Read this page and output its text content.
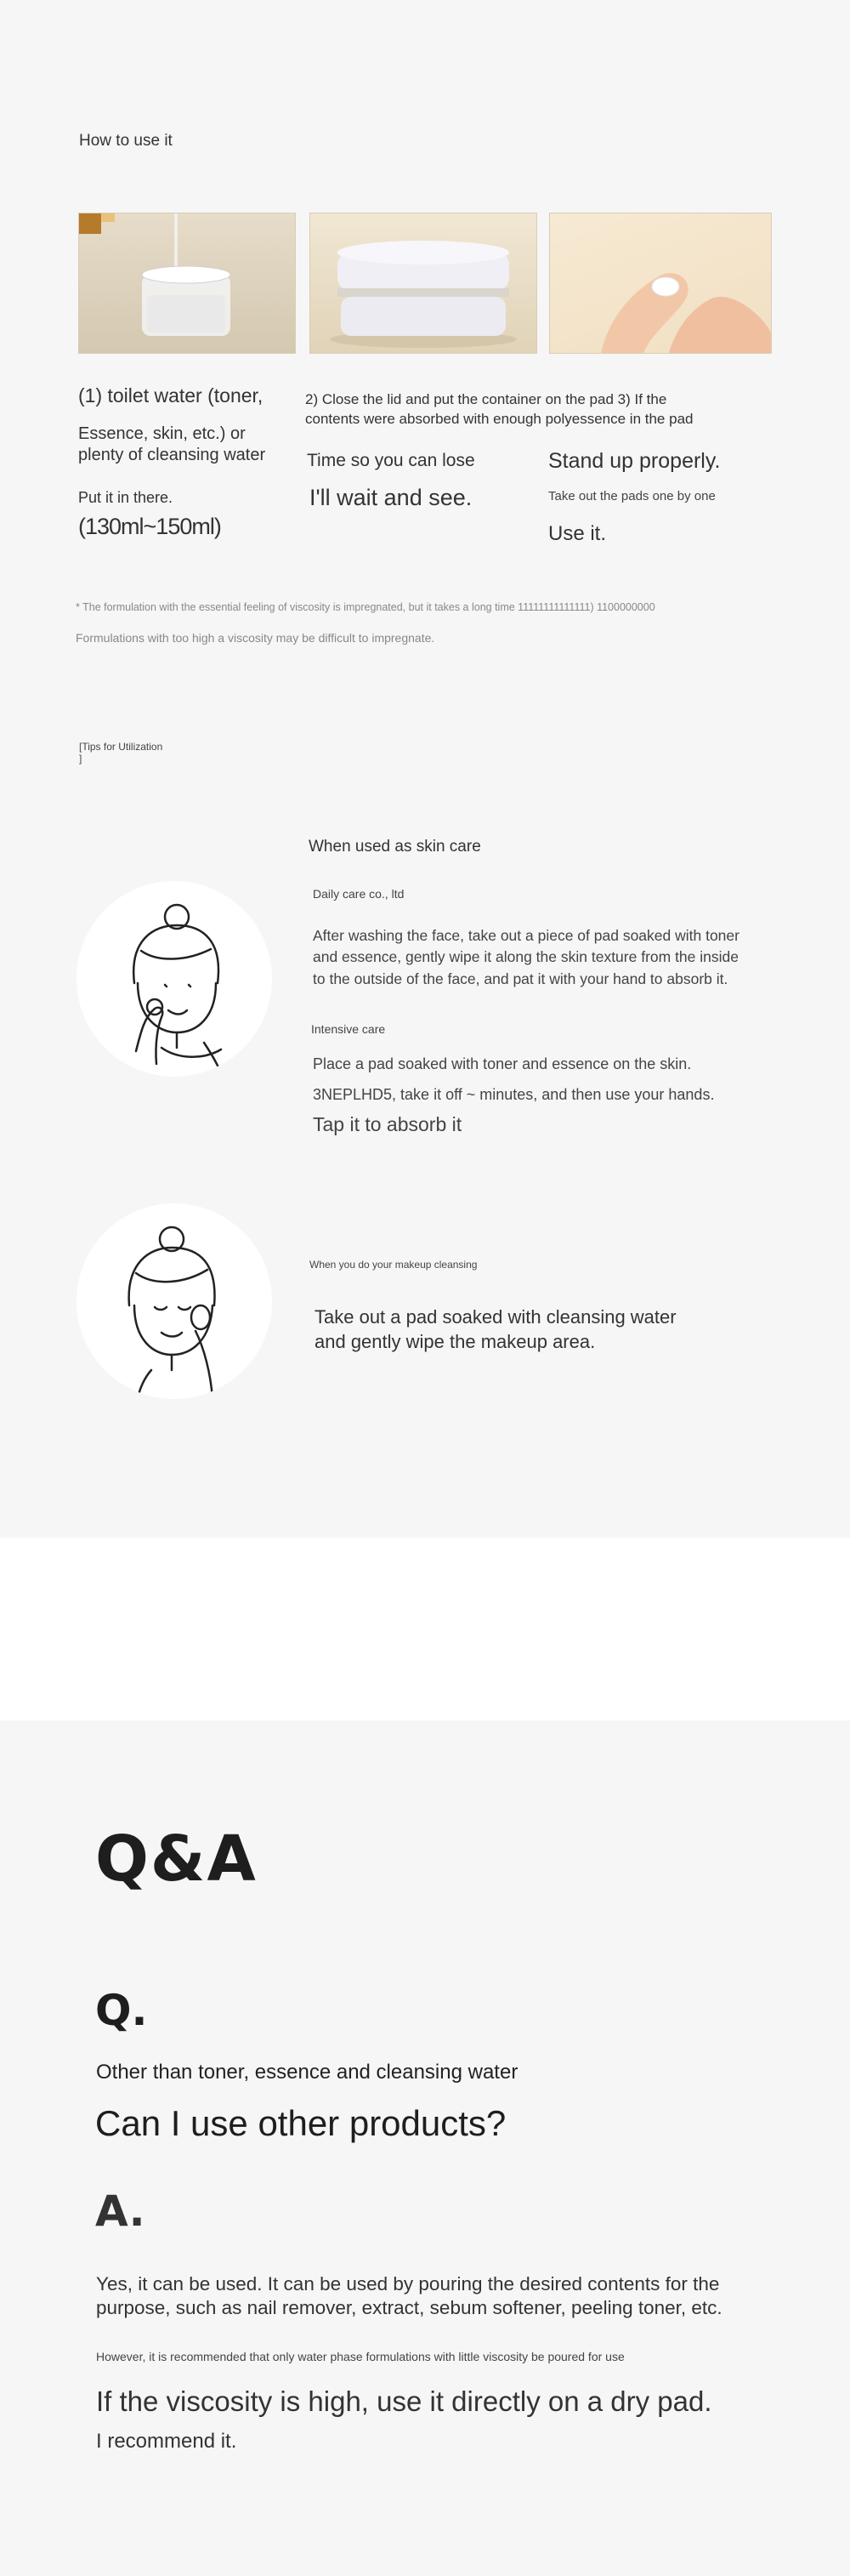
How to use it
(1) toilet water (toner,
Essence, skin, etc.) or
plenty of cleansing water
Put it in there.
(130ml~150ml)
2) Close the lid and put the container on the pad 3) If the
contents were absorbed with enough polyessence in the pad
Time so you can lose
I'll wait and see.
Stand up properly.
Take out the pads one by one
Use it.
* The formulation with the essential feeling of viscosity is impregnated, but it takes a long time 11111111111111) 1100000000
Formulations with too high a viscosity may be difficult to impregnate.
[Tips for Utilization
]
When used as skin care
Daily care co., ltd
After washing the face, take out a piece of pad soaked with toner
and essence, gently wipe it along the skin texture from the inside
to the outside of the face, and pat it with your hand to absorb it.
Intensive care
Place a pad soaked with toner and essence on the skin.
3NEPLHD5, take it off ~ minutes, and then use your hands.
Tap it to absorb it
When you do your makeup cleansing
Take out a pad soaked with cleansing water
and gently wipe the makeup area.
Q&A
Q.
Other than toner, essence and cleansing water
Can I use other products?
A.
Yes, it can be used. It can be used by pouring the desired contents for the
purpose, such as nail remover, extract, sebum softener, peeling toner, etc.
However, it is recommended that only water phase formulations with little viscosity be poured for use
If the viscosity is high, use it directly on a dry pad.
I recommend it.
